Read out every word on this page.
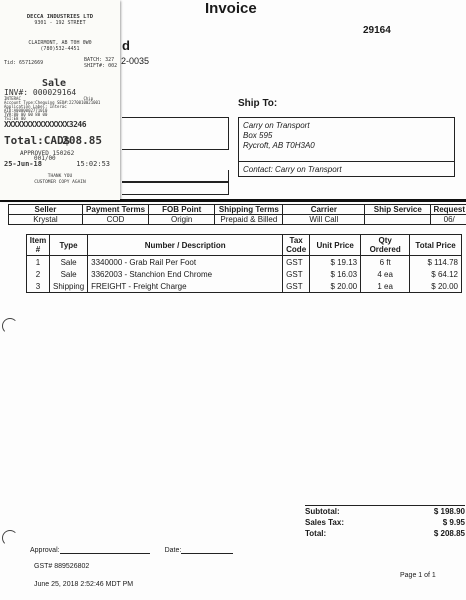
Invoice
29164
d
2-0035
Ship To:
Carry on Transport
Box 595
Rycroft, AB T0H3A0
Contact: Carry on Transport
Seller	Payment Terms	FOB Point	Shipping Terms	Carrier	Ship Service	Request
Krystal	COD	Origin	Prepaid & Billed	Will Call		06/
Item #	Type	Number / Description	Tax Code	Unit Price	Qty Ordered	Total Price
1	Sale	3340000 - Grab Rail Per Foot	GST	$ 19.13	6 ft	$ 114.78
2	Sale	3362003 - Stanchion End Chrome	GST	$ 16.03	4 ea	$ 64.12
3	Shipping	FREIGHT - Freight Charge	GST	$ 20.00	1 ea	$ 20.00
Subtotal:	$ 198.90
Sales Tax:	$ 9.95
Total:	$ 208.85
Approval:	Date:
GST# 889526802
June 25, 2018 2:52:46 MDT PM
Page 1 of 1
DECCA INDUSTRIES LTD
9301 - 192 STREET
CLAIRMONT, AB T0H 0W0
(780)532-4451
Tid: 65712669	BATCH: 327
SHIFT#: 002
Sale
INV#: 000029164
INTERAC                          Chip
Account Type:Chequing SEQ#:2270010021001
Application Label: Interac
AID:A0000002771010
TVR:80 00 00 80 00
TSI:E8 00
XXXXXXXXXXXXXXX3246
Total:CAD$
208.85
APPROVED 150262
001/00
25-Jun-18	15:02:53
THANK YOU
CUSTOMER COPY AGAIN
